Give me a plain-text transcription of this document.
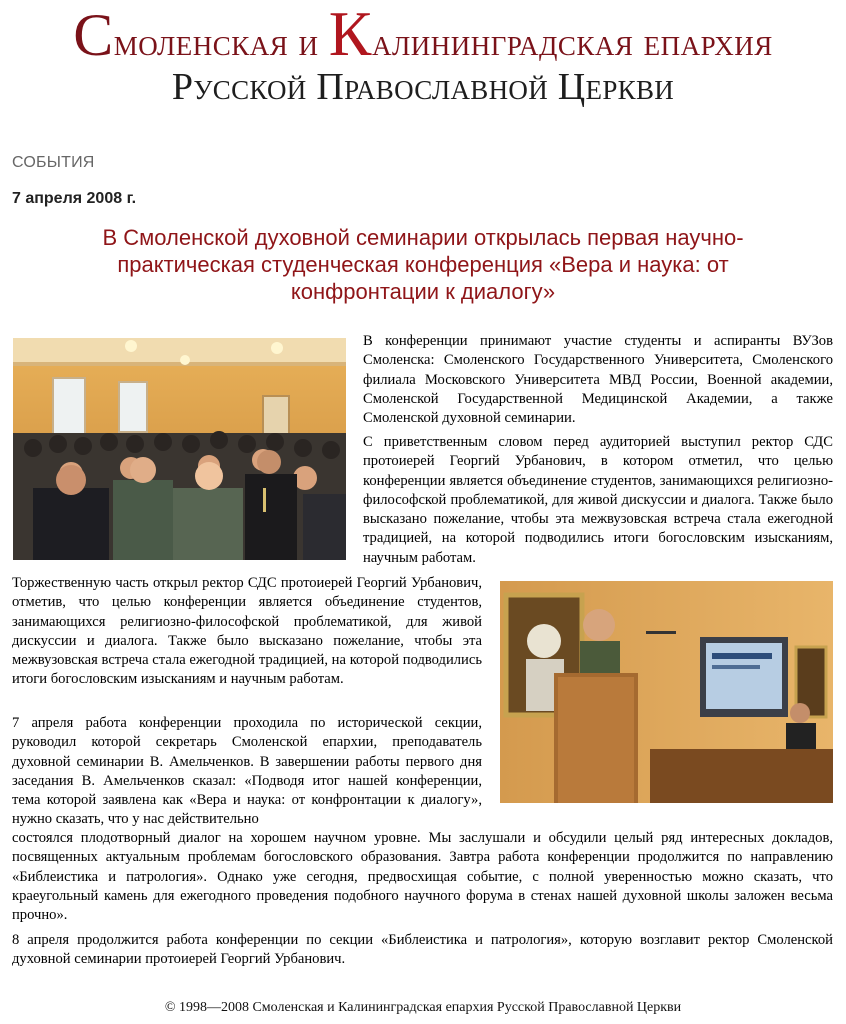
Смоленская и Калининградская епархия
Русской Православной Церкви
СОБЫТИЯ
7 апреля 2008 г.
В Смоленской духовной семинарии открылась первая научно-практическая студенческая конференция «Вера и наука: от конфронтации к диалогу»

В конференции принимают участие студенты и аспиранты ВУЗов Смоленска: Смоленского Государственного Университета, Смоленского филиала Московского Университета МВД России, Военной академии, Смоленской Государственной Медицинской Академии, а также Смоленской духовной семинарии.

С приветственным словом перед аудиторией выступил ректор СДС протоиерей Георгий Урбанович, в котором отметил, что целью конференции является объединение студентов, занимающихся религиозно-философской проблематикой, для живой дискуссии и диалога. Также было высказано пожелание, чтобы эта межвузовская встреча стала ежегодной традицией, на которой подводились итоги богословским изысканиям, научным работам.

Торжественную часть открыл ректор СДС протоиерей Георгий Урбанович, отметив, что целью конференции является объединение студентов, занимающихся религиозно-философской проблематикой, для живой дискуссии и диалога. Также было высказано пожелание, чтобы эта межвузовская встреча стала ежегодной традицией, на которой подводились итоги богословским изысканиям и научным работам.

7 апреля работа конференции проходила по исторической секции, руководил которой секретарь Смоленской епархии, преподаватель духовной семинарии В. Амельченков. В завершении работы первого дня заседания В. Амельченков сказал: «Подводя итог нашей конференции, тема которой заявлена как «Вера и наука: от конфронтации к диалогу», нужно сказать, что у нас действительно

состоялся плодотворный диалог на хорошем научном уровне. Мы заслушали и обсудили целый ряд интересных докладов, посвященных актуальным проблемам богословского образования. Завтра работа конференции продолжится по направлению «Библеистика и патрология». Однако уже сегодня, предвосхищая событие, с полной уверенностью можно сказать, что краеугольный камень для ежегодного проведения подобного научного форума в стенах нашей духовной школы заложен весьма прочно».

8 апреля продолжится работа конференции по секции «Библеистика и патрология», которую возглавит ректор Смоленской духовной семинарии протоиерей Георгий Урбанович.

© 1998—2008 Смоленская и Калининградская епархия Русской Православной Церкви
